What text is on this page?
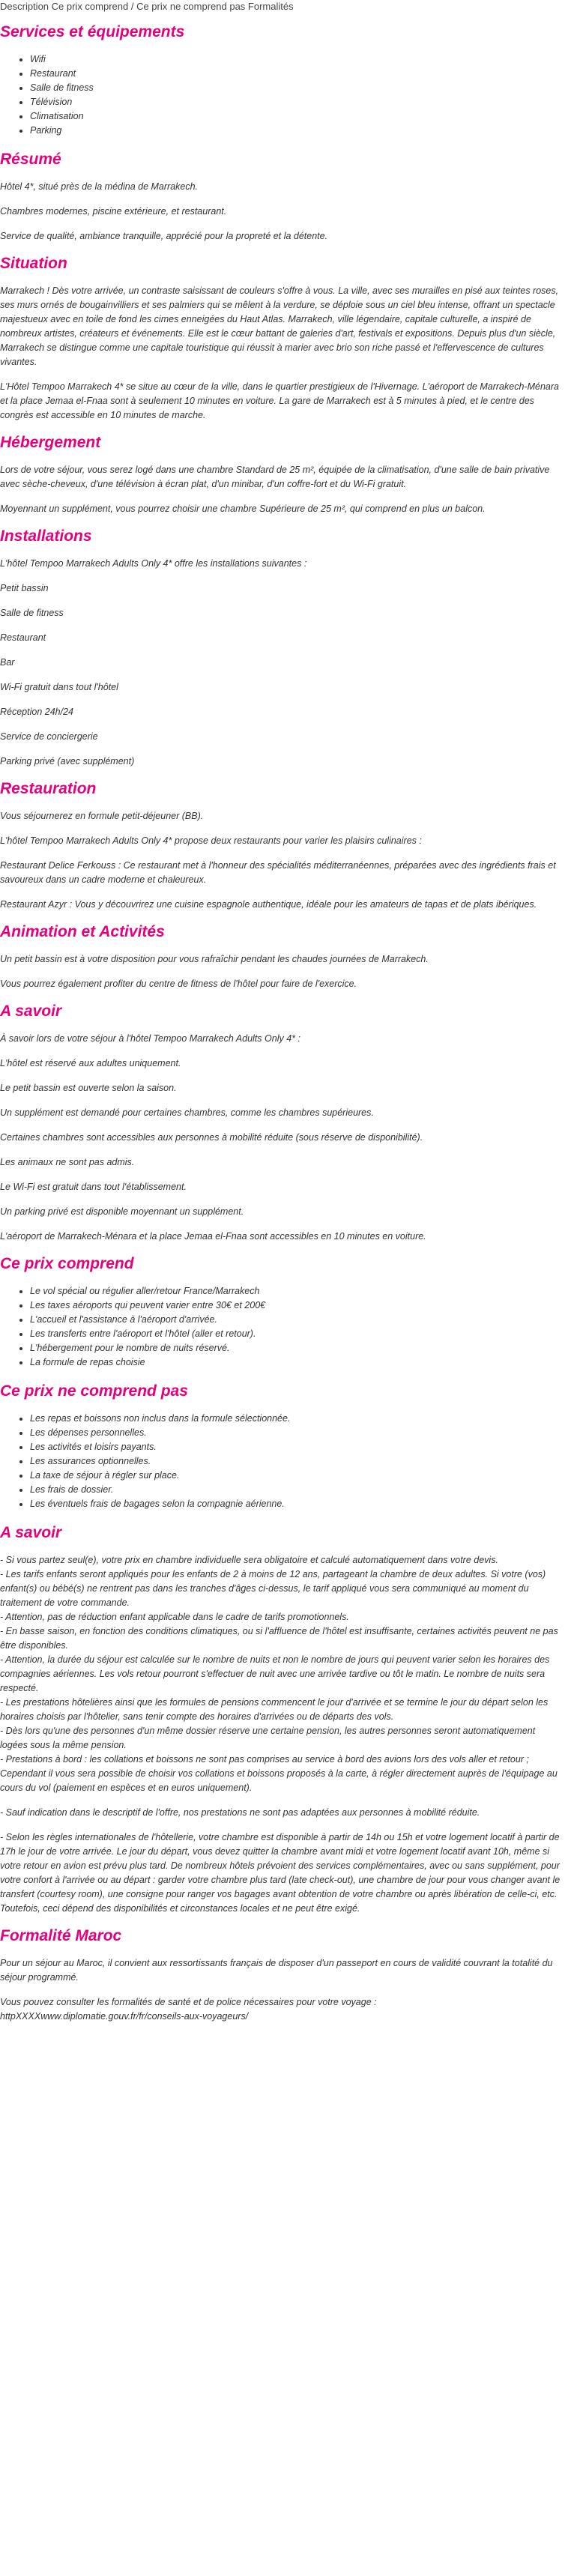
Description Ce prix comprend / Ce prix ne comprend pas Formalités
Services et équipements
• Wifi
• Restaurant
• Salle de fitness
• Télévision
• Climatisation
• Parking
Résumé

Hôtel 4*, situé près de la médina de Marrakech.

Chambres modernes, piscine extérieure, et restaurant.

Service de qualité, ambiance tranquille, apprécié pour la propreté et la détente.

Situation

Marrakech ! Dès votre arrivée, un contraste saisissant de couleurs s'offre à vous. La ville, avec ses murailles en pisé aux teintes roses, ses murs ornés de bougainvilliers et ses palmiers qui se mêlent à la verdure, se déploie sous un ciel bleu intense, offrant un spectacle majestueux avec en toile de fond les cimes enneigées du Haut Atlas. Marrakech, ville légendaire, capitale culturelle, a inspiré de nombreux artistes, créateurs et événements. Elle est le cœur battant de galeries d'art, festivals et expositions. Depuis plus d'un siècle, Marrakech se distingue comme une capitale touristique qui réussit à marier avec brio son riche passé et l'effervescence de cultures vivantes.

L'Hôtel Tempoo Marrakech 4* se situe au cœur de la ville, dans le quartier prestigieux de l'Hivernage. L'aéroport de Marrakech-Ménara et la place Jemaa el-Fnaa sont à seulement 10 minutes en voiture. La gare de Marrakech est à 5 minutes à pied, et le centre des congrès est accessible en 10 minutes de marche.

Hébergement

Lors de votre séjour, vous serez logé dans une chambre Standard de 25 m², équipée de la climatisation, d'une salle de bain privative avec sèche-cheveux, d'une télévision à écran plat, d'un minibar, d'un coffre-fort et du Wi-Fi gratuit.

Moyennant un supplément, vous pourrez choisir une chambre Supérieure de 25 m², qui comprend en plus un balcon.

Installations

L'hôtel Tempoo Marrakech Adults Only 4* offre les installations suivantes :

Petit bassin

Salle de fitness

Restaurant

Bar

Wi-Fi gratuit dans tout l'hôtel

Réception 24h/24

Service de conciergerie

Parking privé (avec supplément)

Restauration

Vous séjournerez en formule petit-déjeuner (BB).

L'hôtel Tempoo Marrakech Adults Only 4* propose deux restaurants pour varier les plaisirs culinaires :

Restaurant Delice Ferkouss : Ce restaurant met à l'honneur des spécialités méditerranéennes, préparées avec des ingrédients frais et savoureux dans un cadre moderne et chaleureux.

Restaurant Azyr : Vous y découvrirez une cuisine espagnole authentique, idéale pour les amateurs de tapas et de plats ibériques.

Animation et Activités

Un petit bassin est à votre disposition pour vous rafraîchir pendant les chaudes journées de Marrakech.

Vous pourrez également profiter du centre de fitness de l'hôtel pour faire de l'exercice.

A savoir

À savoir lors de votre séjour à l'hôtel Tempoo Marrakech Adults Only 4* :

L'hôtel est réservé aux adultes uniquement.

Le petit bassin est ouverte selon la saison.

Un supplément est demandé pour certaines chambres, comme les chambres supérieures.

Certaines chambres sont accessibles aux personnes à mobilité réduite (sous réserve de disponibilité).

Les animaux ne sont pas admis.

Le Wi-Fi est gratuit dans tout l'établissement.

Un parking privé est disponible moyennant un supplément.

L'aéroport de Marrakech-Ménara et la place Jemaa el-Fnaa sont accessibles en 10 minutes en voiture.

Ce prix comprend
• Le vol spécial ou régulier aller/retour France/Marrakech
• Les taxes aéroports qui peuvent varier entre 30€ et 200€
• L'accueil et l'assistance à l'aéroport d'arrivée.
• Les transferts entre l'aéroport et l'hôtel (aller et retour).
• L'hébergement pour le nombre de nuits réservé.
• La formule de repas choisie
Ce prix ne comprend pas
• Les repas et boissons non inclus dans la formule sélectionnée.
• Les dépenses personnelles.
• Les activités et loisirs payants.
• Les assurances optionnelles.
• La taxe de séjour à régler sur place.
• Les frais de dossier.
• Les éventuels frais de bagages selon la compagnie aérienne.
A savoir

- Si vous partez seul(e), votre prix en chambre individuelle sera obligatoire et calculé automatiquement dans votre devis.

- Les tarifs enfants seront appliqués pour les enfants de 2 à moins de 12 ans, partageant la chambre de deux adultes. Si votre (vos) enfant(s) ou bébé(s) ne rentrent pas dans les tranches d'âges ci-dessus, le tarif appliqué vous sera communiqué au moment du traitement de votre commande.

- Attention, pas de réduction enfant applicable dans le cadre de tarifs promotionnels.

- En basse saison, en fonction des conditions climatiques, ou si l'affluence de l'hôtel est insuffisante, certaines activités peuvent ne pas être disponibles.

- Attention, la durée du séjour est calculée sur le nombre de nuits et non le nombre de jours qui peuvent varier selon les horaires des compagnies aériennes. Les vols retour pourront s'effectuer de nuit avec une arrivée tardive ou tôt le matin. Le nombre de nuits sera respecté.

- Les prestations hôtelières ainsi que les formules de pensions commencent le jour d'arrivée et se termine le jour du départ selon les horaires choisis par l'hôtelier, sans tenir compte des horaires d'arrivées ou de départs des vols.

- Dès lors qu'une des personnes d'un même dossier réserve une certaine pension, les autres personnes seront automatiquement logées sous la même pension.

- Prestations à bord : les collations et boissons ne sont pas comprises au service à bord des avions lors des vols aller et retour ; Cependant il vous sera possible de choisir vos collations et boissons proposés à la carte, à régler directement auprès de l'équipage au cours du vol (paiement en espèces et en euros uniquement).

- Sauf indication dans le descriptif de l'offre, nos prestations ne sont pas adaptées aux personnes à mobilité réduite.

- Selon les règles internationales de l'hôtellerie, votre chambre est disponible à partir de 14h ou 15h et votre logement locatif à partir de 17h le jour de votre arrivée. Le jour du départ, vous devez quitter la chambre avant midi et votre logement locatif avant 10h, même si votre retour en avion est prévu plus tard. De nombreux hôtels prévoient des services complémentaires, avec ou sans supplément, pour votre confort à l'arrivée ou au départ : garder votre chambre plus tard (late check-out), une chambre de jour pour vous changer avant le transfert (courtesy room), une consigne pour ranger vos bagages avant obtention de votre chambre ou après libération de celle-ci, etc. Toutefois, ceci dépend des disponibilités et circonstances locales et ne peut être exigé.

Formalité Maroc

Pour un séjour au Maroc, il convient aux ressortissants français de disposer d'un passeport en cours de validité couvrant la totalité du séjour programmé.

Vous pouvez consulter les formalités de santé et de police nécessaires pour votre voyage :

httpXXXXwww.diplomatie.gouv.fr/fr/conseils-aux-voyageurs/
